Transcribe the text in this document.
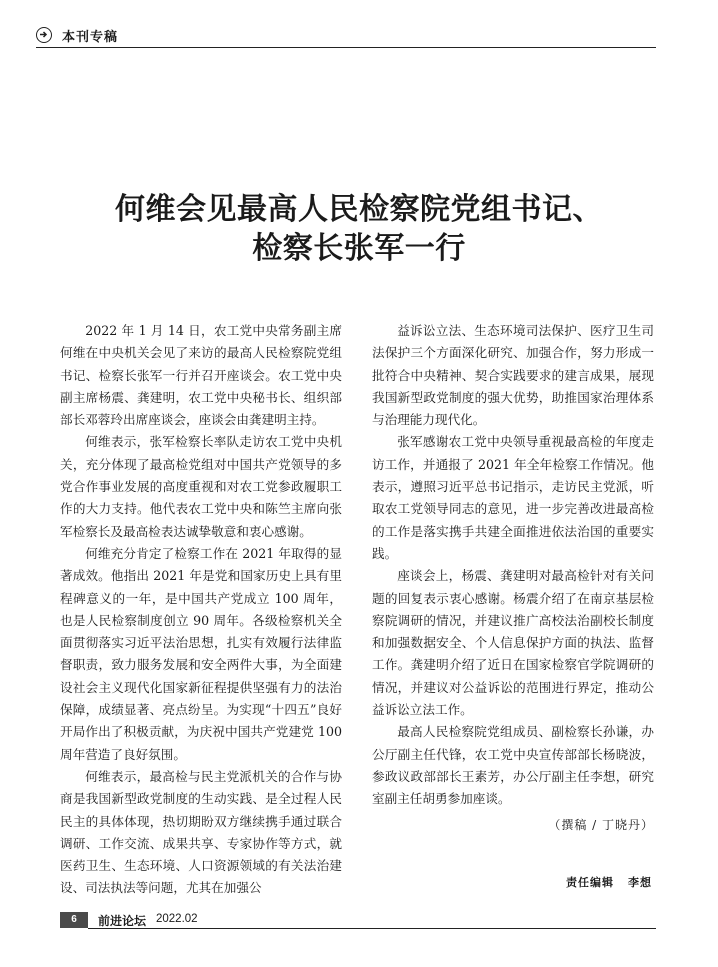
本刊专稿
何维会见最高人民检察院党组书记、
检察长张军一行

2022 年 1 月 14 日，农工党中央常务副主席何维在中央机关会见了来访的最高人民检察院党组书记、检察长张军一行并召开座谈会。农工党中央副主席杨震、龚建明，农工党中央秘书长、组织部部长邓蓉玲出席座谈会，座谈会由龚建明主持。

何维表示，张军检察长率队走访农工党中央机关，充分体现了最高检党组对中国共产党领导的多党合作事业发展的高度重视和对农工党参政履职工作的大力支持。他代表农工党中央和陈竺主席向张军检察长及最高检表达诚挚敬意和衷心感谢。

何维充分肯定了检察工作在 2021 年取得的显著成效。他指出 2021 年是党和国家历史上具有里程碑意义的一年，是中国共产党成立 100 周年，也是人民检察制度创立 90 周年。各级检察机关全面贯彻落实习近平法治思想，扎实有效履行法律监督职责，致力服务发展和安全两件大事，为全面建设社会主义现代化国家新征程提供坚强有力的法治保障，成绩显著、亮点纷呈。为实现“十四五”良好开局作出了积极贡献，为庆祝中国共产党建党 100 周年营造了良好氛围。

何维表示，最高检与民主党派机关的合作与协商是我国新型政党制度的生动实践、是全过程人民民主的具体体现，热切期盼双方继续携手通过联合调研、工作交流、成果共享、专家协作等方式，就医药卫生、生态环境、人口资源领域的有关法治建设、司法执法等问题，尤其在加强公

益诉讼立法、生态环境司法保护、医疗卫生司法保护三个方面深化研究、加强合作，努力形成一批符合中央精神、契合实践要求的建言成果，展现我国新型政党制度的强大优势，助推国家治理体系与治理能力现代化。

张军感谢农工党中央领导重视最高检的年度走访工作，并通报了 2021 年全年检察工作情况。他表示，遵照习近平总书记指示，走访民主党派，听取农工党领导同志的意见，进一步完善改进最高检的工作是落实携手共建全面推进依法治国的重要实践。

座谈会上，杨震、龚建明对最高检针对有关问题的回复表示衷心感谢。杨震介绍了在南京基层检察院调研的情况，并建议推广高校法治副校长制度和加强数据安全、个人信息保护方面的执法、监督工作。龚建明介绍了近日在国家检察官学院调研的情况，并建议对公益诉讼的范围进行界定，推动公益诉讼立法工作。

最高人民检察院党组成员、副检察长孙谦，办公厅副主任代锋，农工党中央宣传部部长杨晓波，参政议政部部长王素芳，办公厅副主任李想，研究室副主任胡勇参加座谈。

（撰稿 / 丁晓丹）

责任编辑 李想
6	前进论坛 2022.02
